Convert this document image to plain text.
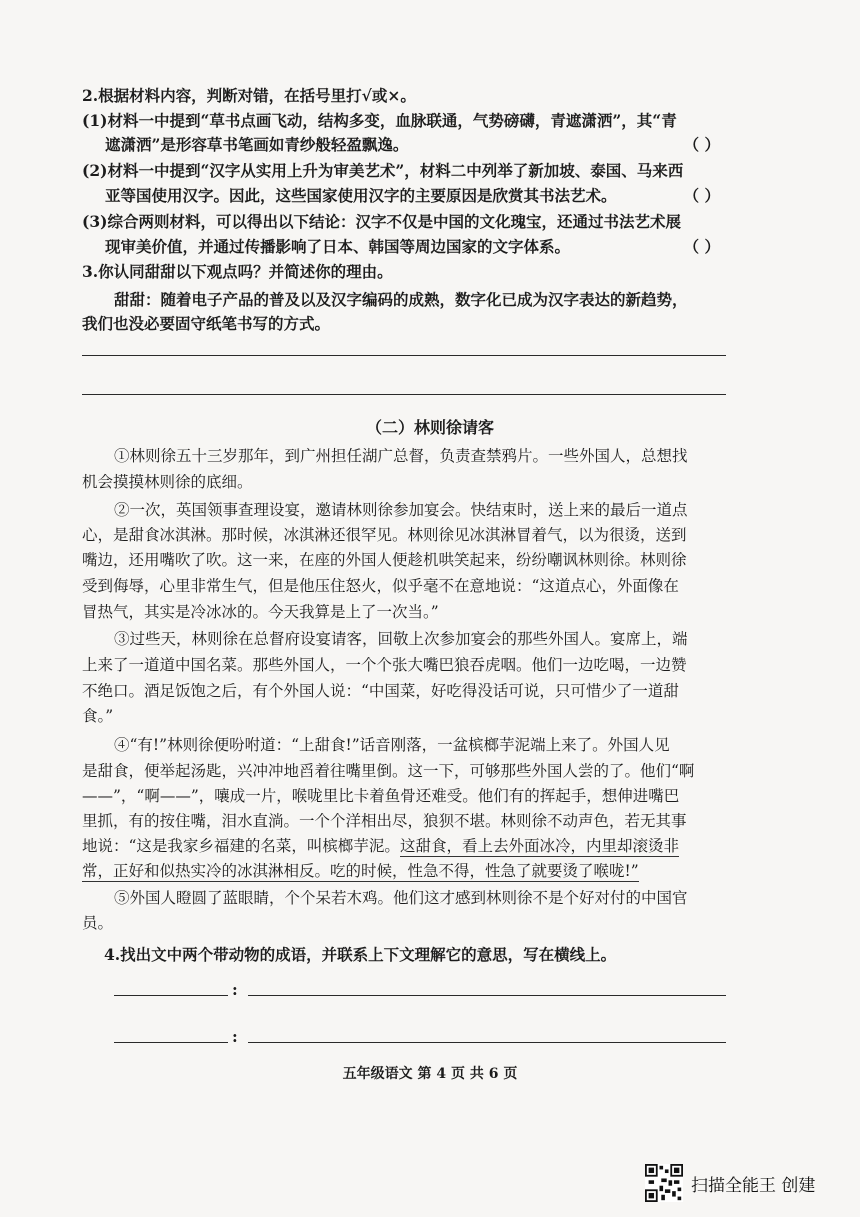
2.根据材料内容，判断对错，在括号里打√或×。
(1)材料一中提到“草书点画飞动，结构多变，血脉联通，气势磅礴，青遮潇洒”，其“青
遮潇洒”是形容草书笔画如青纱般轻盈飘逸。	（ ）
(2)材料一中提到“汉字从实用上升为审美艺术”，材料二中列举了新加坡、泰国、马来西
亚等国使用汉字。因此，这些国家使用汉字的主要原因是欣赏其书法艺术。	（ ）
(3)综合两则材料，可以得出以下结论：汉字不仅是中国的文化瑰宝，还通过书法艺术展
现审美价值，并通过传播影响了日本、韩国等周边国家的文字体系。	（ ）
3.你认同甜甜以下观点吗？并简述你的理由。
甜甜：随着电子产品的普及以及汉字编码的成熟，数字化已成为汉字表达的新趋势，
我们也没必要固守纸笔书写的方式。
（二）林则徐请客
①林则徐五十三岁那年，到广州担任湖广总督，负责查禁鸦片。一些外国人，总想找
机会摸摸林则徐的底细。
②一次，英国领事查理设宴，邀请林则徐参加宴会。快结束时，送上来的最后一道点
心，是甜食冰淇淋。那时候，冰淇淋还很罕见。林则徐见冰淇淋冒着气，以为很烫，送到
嘴边，还用嘴吹了吹。这一来，在座的外国人便趁机哄笑起来，纷纷嘲讽林则徐。林则徐
受到侮辱，心里非常生气，但是他压住怒火，似乎毫不在意地说：“这道点心，外面像在
冒热气，其实是冷冰冰的。今天我算是上了一次当。”
③过些天，林则徐在总督府设宴请客，回敬上次参加宴会的那些外国人。宴席上，端
上来了一道道中国名菜。那些外国人，一个个张大嘴巴狼吞虎咽。他们一边吃喝，一边赞
不绝口。酒足饭饱之后，有个外国人说：“中国菜，好吃得没话可说，只可惜少了一道甜
食。”
④“有!”林则徐便吩咐道：“上甜食!”话音刚落，一盆槟榔芋泥端上来了。外国人见
是甜食，便举起汤匙，兴冲冲地舀着往嘴里倒。这一下，可够那些外国人尝的了。他们“啊
——”，“啊——”，嚷成一片，喉咙里比卡着鱼骨还难受。他们有的挥起手，想伸进嘴巴
里抓，有的按住嘴，泪水直淌。一个个洋相出尽，狼狈不堪。林则徐不动声色，若无其事
地说：“这是我家乡福建的名菜，叫槟榔芋泥。这甜食，看上去外面冰冷，内里却滚烫非
常，正好和似热实冷的冰淇淋相反。吃的时候，性急不得，性急了就要烫了喉咙!”
⑤外国人瞪圆了蓝眼睛，个个呆若木鸡。他们这才感到林则徐不是个好对付的中国官
员。
4.找出文中两个带动物的成语，并联系上下文理解它的意思，写在横线上。
:
:
五年级语文 第 4 页 共 6 页
扫描全能王 创建
